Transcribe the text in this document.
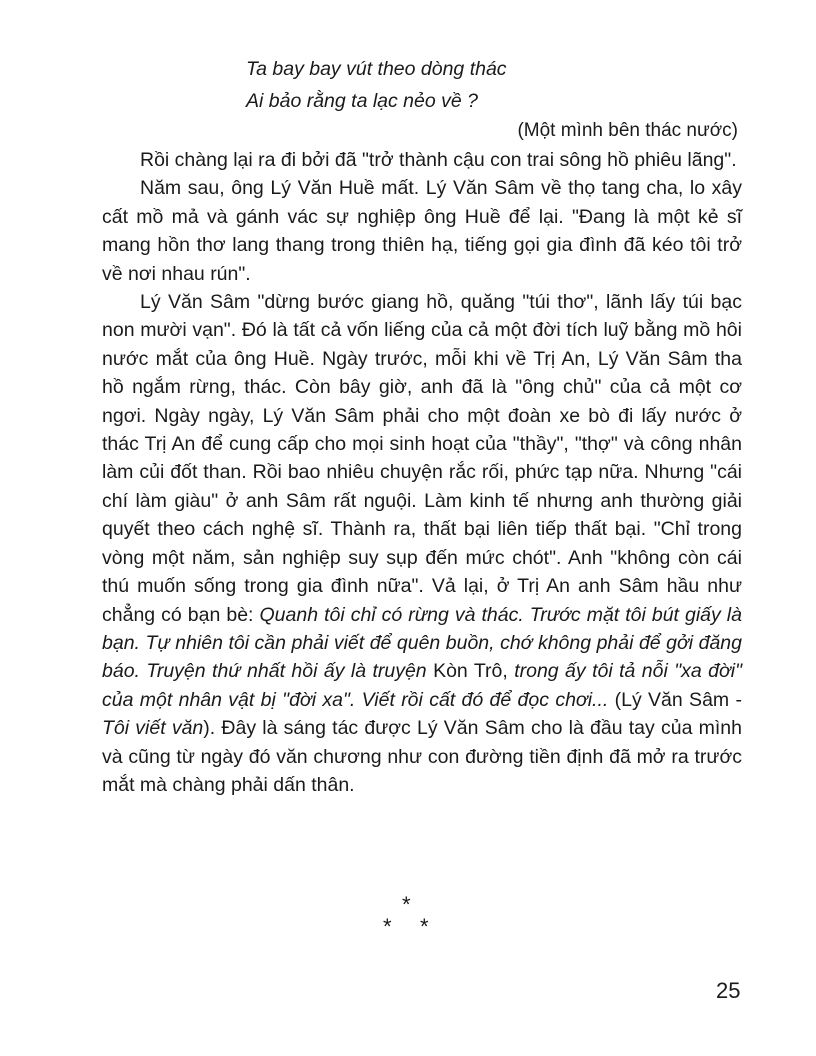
Ta bay bay vút theo dòng thác
Ai bảo rằng ta lạc nẻo về ?
(Một mình bên thác nước)

Rồi chàng lại ra đi bởi đã "trở thành cậu con trai sông hồ phiêu lãng".

Năm sau, ông Lý Văn Huề mất. Lý Văn Sâm về thọ tang cha, lo xây cất mồ mả và gánh vác sự nghiệp ông Huề để lại. "Đang là một kẻ sĩ mang hồn thơ lang thang trong thiên hạ, tiếng gọi gia đình đã kéo tôi trở về nơi nhau rún".

Lý Văn Sâm "dừng bước giang hồ, quăng "túi thơ", lãnh lấy túi bạc non mười vạn". Đó là tất cả vốn liếng của cả một đời tích luỹ bằng mồ hôi nước mắt của ông Huề. Ngày trước, mỗi khi về Trị An, Lý Văn Sâm tha hồ ngắm rừng, thác. Còn bây giờ, anh đã là "ông chủ" của cả một cơ ngơi. Ngày ngày, Lý Văn Sâm phải cho một đoàn xe bò đi lấy nước ở thác Trị An để cung cấp cho mọi sinh hoạt của "thầy", "thợ" và công nhân làm củi đốt than. Rồi bao nhiêu chuyện rắc rối, phức tạp nữa. Nhưng "cái chí làm giàu" ở anh Sâm rất nguội. Làm kinh tế nhưng anh thường giải quyết theo cách nghệ sĩ. Thành ra, thất bại liên tiếp thất bại. "Chỉ trong vòng một năm, sản nghiệp suy sụp đến mức chót". Anh "không còn cái thú muốn sống trong gia đình nữa". Vả lại, ở Trị An anh Sâm hầu như chẳng có bạn bè: Quanh tôi chỉ có rừng và thác. Trước mặt tôi bút giấy là bạn. Tự nhiên tôi cần phải viết để quên buồn, chớ không phải để gởi đăng báo. Truyện thứ nhất hồi ấy là truyện Kòn Trô, trong ấy tôi tả nỗi "xa đời" của một nhân vật bị "đời xa". Viết rồi cất đó để đọc chơi... (Lý Văn Sâm - Tôi viết văn). Đây là sáng tác được Lý Văn Sâm cho là đầu tay của mình và cũng từ ngày đó văn chương như con đường tiền định đã mở ra trước mắt mà chàng phải dấn thân.

*
* *
25
